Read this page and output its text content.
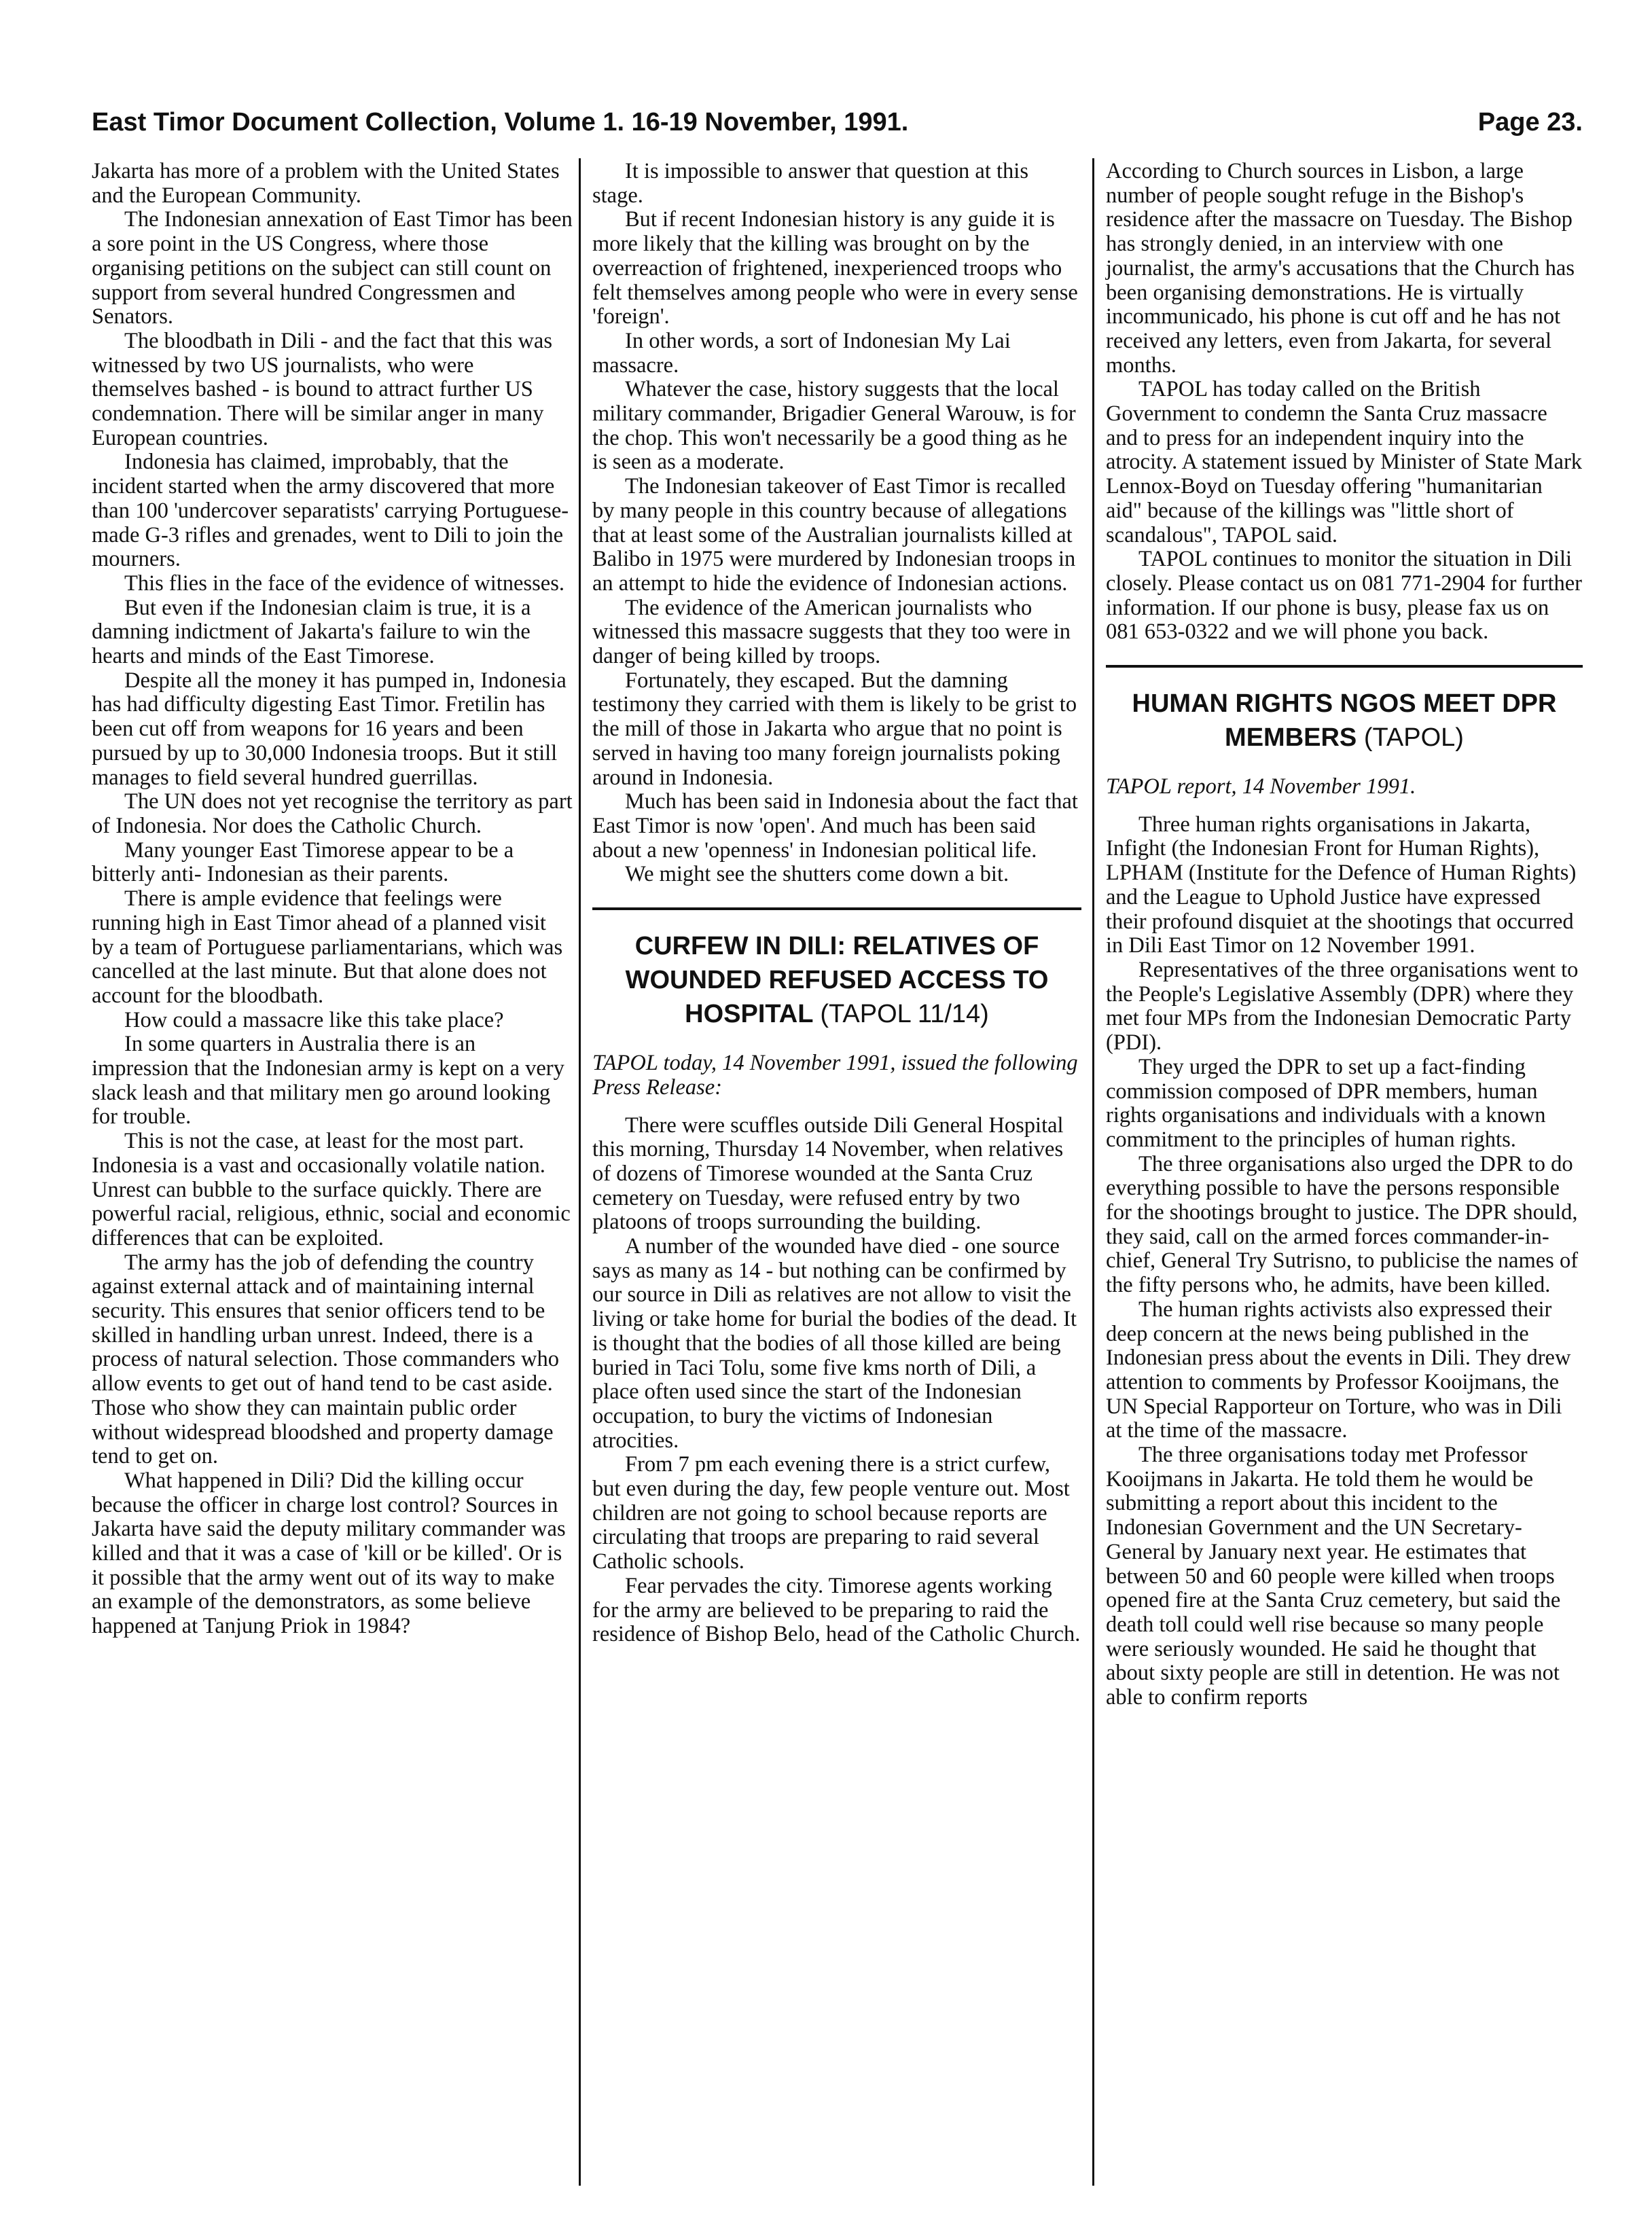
East Timor Document Collection, Volume 1. 16-19 November, 1991.	Page 23.

Jakarta has more of a problem with the United States and the European Community.

The Indonesian annexation of East Timor has been a sore point in the US Congress, where those organising petitions on the subject can still count on support from several hundred Congressmen and Senators.

The bloodbath in Dili - and the fact that this was witnessed by two US journalists, who were themselves bashed - is bound to attract further US condemnation. There will be similar anger in many European countries.

Indonesia has claimed, improbably, that the incident started when the army discovered that more than 100 'undercover separatists' carrying Portuguese-made G-3 rifles and grenades, went to Dili to join the mourners.

This flies in the face of the evidence of witnesses.

But even if the Indonesian claim is true, it is a damning indictment of Jakarta's failure to win the hearts and minds of the East Timorese.

Despite all the money it has pumped in, Indonesia has had difficulty digesting East Timor. Fretilin has been cut off from weapons for 16 years and been pursued by up to 30,000 Indonesia troops. But it still manages to field several hundred guerrillas.

The UN does not yet recognise the territory as part of Indonesia. Nor does the Catholic Church.

Many younger East Timorese appear to be a bitterly anti- Indonesian as their parents.

There is ample evidence that feelings were running high in East Timor ahead of a planned visit by a team of Portuguese parliamentarians, which was cancelled at the last minute. But that alone does not account for the bloodbath.

How could a massacre like this take place?

In some quarters in Australia there is an impression that the Indonesian army is kept on a very slack leash and that military men go around looking for trouble.

This is not the case, at least for the most part. Indonesia is a vast and occasionally volatile nation. Unrest can bubble to the surface quickly. There are powerful racial, religious, ethnic, social and economic differences that can be exploited.

The army has the job of defending the country against external attack and of maintaining internal security. This ensures that senior officers tend to be skilled in handling urban unrest. Indeed, there is a process of natural selection. Those commanders who allow events to get out of hand tend to be cast aside. Those who show they can maintain public order without widespread bloodshed and property damage tend to get on.

What happened in Dili? Did the killing occur because the officer in charge lost control? Sources in Jakarta have said the deputy military commander was killed and that it was a case of 'kill or be killed'. Or is it possible that the army went out of its way to make an example of the demonstrators, as some believe happened at Tanjung Priok in 1984?

It is impossible to answer that question at this stage.

But if recent Indonesian history is any guide it is more likely that the killing was brought on by the overreaction of frightened, inexperienced troops who felt themselves among people who were in every sense 'foreign'.

In other words, a sort of Indonesian My Lai massacre.

Whatever the case, history suggests that the local military commander, Brigadier General Warouw, is for the chop. This won't necessarily be a good thing as he is seen as a moderate.

The Indonesian takeover of East Timor is recalled by many people in this country because of allegations that at least some of the Australian journalists killed at Balibo in 1975 were murdered by Indonesian troops in an attempt to hide the evidence of Indonesian actions.

The evidence of the American journalists who witnessed this massacre suggests that they too were in danger of being killed by troops.

Fortunately, they escaped. But the damning testimony they carried with them is likely to be grist to the mill of those in Jakarta who argue that no point is served in having too many foreign journalists poking around in Indonesia.

Much has been said in Indonesia about the fact that East Timor is now 'open'. And much has been said about a new 'openness' in Indonesian political life.

We might see the shutters come down a bit.

CURFEW IN DILI: RELATIVES OF WOUNDED REFUSED ACCESS TO HOSPITAL (TAPOL 11/14)

TAPOL today, 14 November 1991, issued the following Press Release:

There were scuffles outside Dili General Hospital this morning, Thursday 14 November, when relatives of dozens of Timorese wounded at the Santa Cruz cemetery on Tuesday, were refused entry by two platoons of troops surrounding the building.

A number of the wounded have died - one source says as many as 14 - but nothing can be confirmed by our source in Dili as relatives are not allow to visit the living or take home for burial the bodies of the dead. It is thought that the bodies of all those killed are being buried in Taci Tolu, some five kms north of Dili, a place often used since the start of the Indonesian occupation, to bury the victims of Indonesian atrocities.

From 7 pm each evening there is a strict curfew, but even during the day, few people venture out. Most children are not going to school because reports are circulating that troops are preparing to raid several Catholic schools.

Fear pervades the city. Timorese agents working for the army are believed to be preparing to raid the residence of Bishop Belo, head of the Catholic Church.

According to Church sources in Lisbon, a large number of people sought refuge in the Bishop's residence after the massacre on Tuesday. The Bishop has strongly denied, in an interview with one journalist, the army's accusations that the Church has been organising demonstrations. He is virtually incommunicado, his phone is cut off and he has not received any letters, even from Jakarta, for several months.

TAPOL has today called on the British Government to condemn the Santa Cruz massacre and to press for an independent inquiry into the atrocity. A statement issued by Minister of State Mark Lennox-Boyd on Tuesday offering "humanitarian aid" because of the killings was "little short of scandalous", TAPOL said.

TAPOL continues to monitor the situation in Dili closely. Please contact us on 081 771-2904 for further information. If our phone is busy, please fax us on 081 653-0322 and we will phone you back.

HUMAN RIGHTS NGOS MEET DPR MEMBERS (TAPOL)

TAPOL report, 14 November 1991.

Three human rights organisations in Jakarta, Infight (the Indonesian Front for Human Rights), LPHAM (Institute for the Defence of Human Rights) and the League to Uphold Justice have expressed their profound disquiet at the shootings that occurred in Dili East Timor on 12 November 1991.

Representatives of the three organisations went to the People's Legislative Assembly (DPR) where they met four MPs from the Indonesian Democratic Party (PDI).

They urged the DPR to set up a fact-finding commission composed of DPR members, human rights organisations and individuals with a known commitment to the principles of human rights.

The three organisations also urged the DPR to do everything possible to have the persons responsible for the shootings brought to justice. The DPR should, they said, call on the armed forces commander-in-chief, General Try Sutrisno, to publicise the names of the fifty persons who, he admits, have been killed.

The human rights activists also expressed their deep concern at the news being published in the Indonesian press about the events in Dili. They drew attention to comments by Professor Kooijmans, the UN Special Rapporteur on Torture, who was in Dili at the time of the massacre.

The three organisations today met Professor Kooijmans in Jakarta. He told them he would be submitting a report about this incident to the Indonesian Government and the UN Secretary-General by January next year. He estimates that between 50 and 60 people were killed when troops opened fire at the Santa Cruz cemetery, but said the death toll could well rise because so many people were seriously wounded. He said he thought that about sixty people are still in detention. He was not able to confirm reports
